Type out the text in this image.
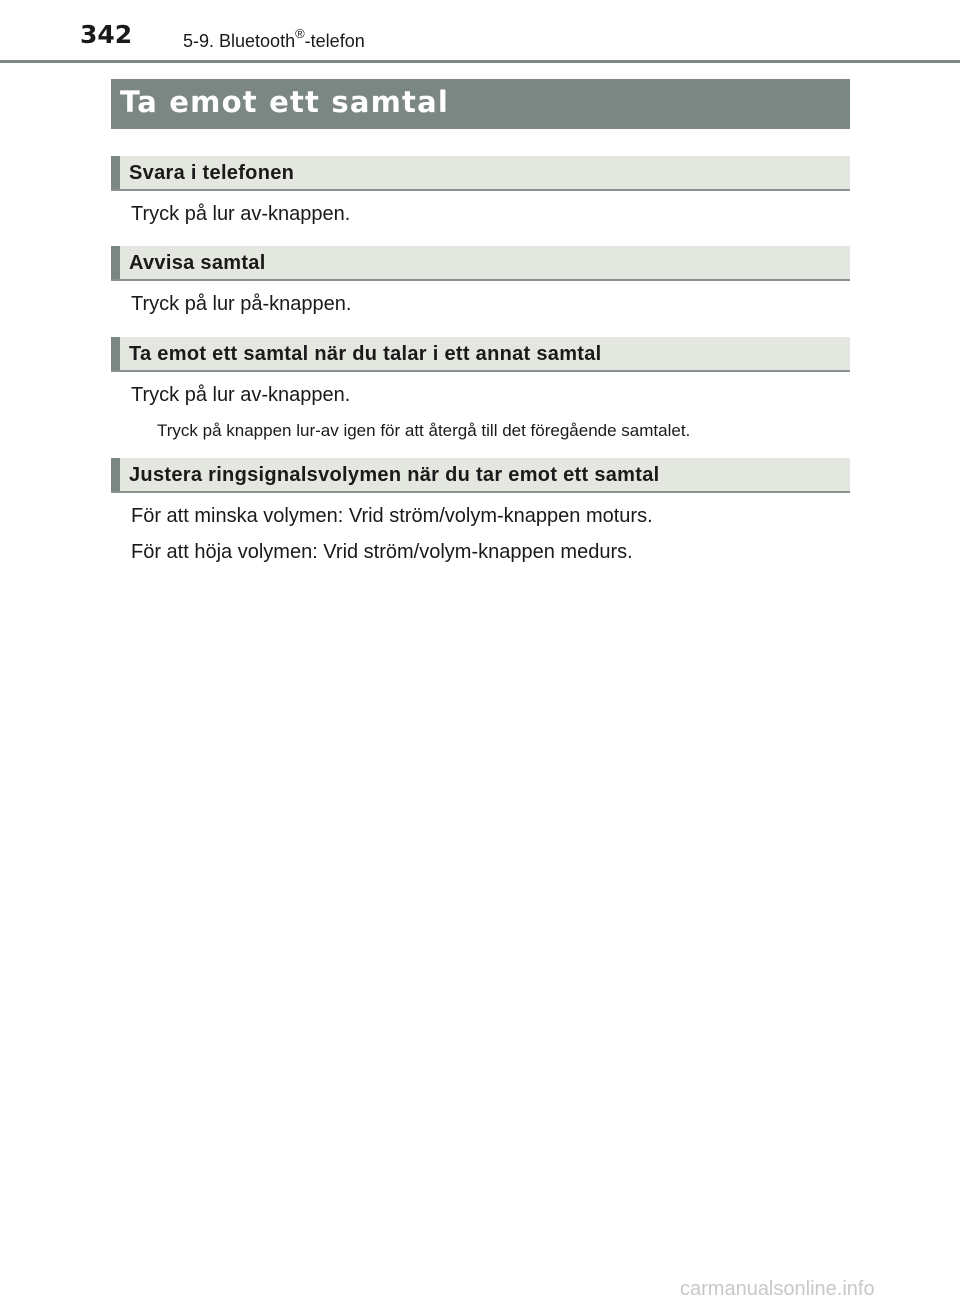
342	5-9. Bluetooth®-telefon
Ta emot ett samtal
Svara i telefonen
Tryck på lur av-knappen.
Avvisa samtal
Tryck på lur på-knappen.
Ta emot ett samtal när du talar i ett annat samtal
Tryck på lur av-knappen.
Tryck på knappen lur-av igen för att återgå till det föregående samtalet.
Justera ringsignalsvolymen när du tar emot ett samtal
För att minska volymen: Vrid ström/volym-knappen moturs.
För att höja volymen: Vrid ström/volym-knappen medurs.
carmanualsonline.info
